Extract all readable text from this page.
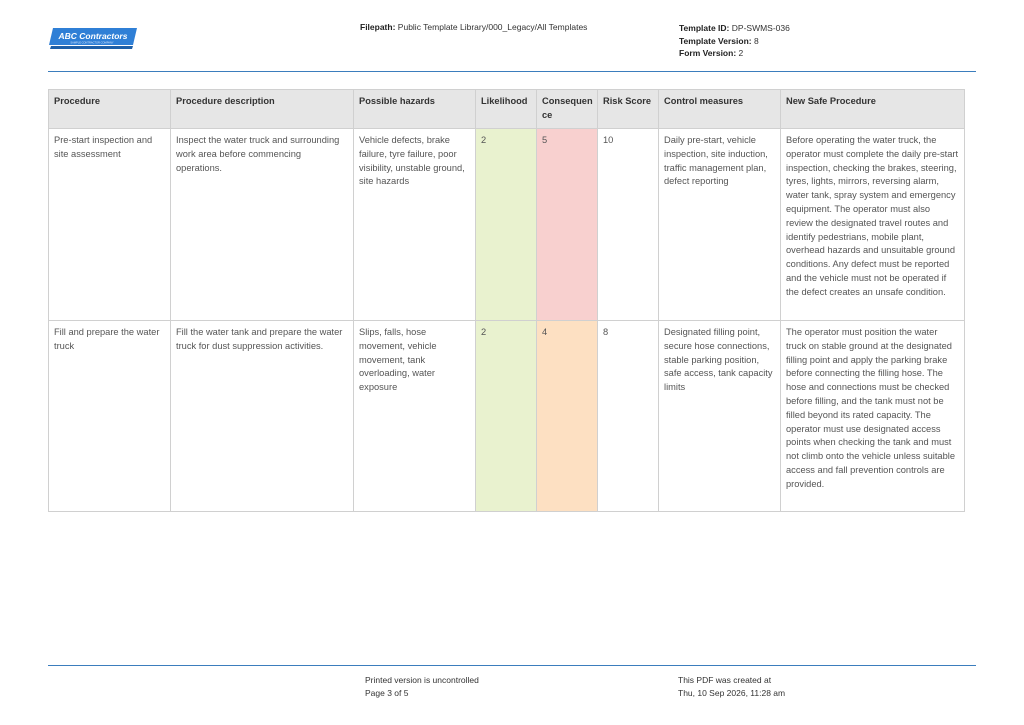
ABC Contractors
SAMPLE CONTRACTOR COMPANY
Filepath: Public Template Library/000_Legacy/All Templates	Template ID: DP-SWMS-036
Template Version: 8
Form Version: 2
Procedure	Procedure description	Possible hazards	Likelihood	Consequen ce	Risk Score	Control measures	New Safe Procedure
Pre-start inspection and site assessment	Inspect the water truck and surrounding work area before commencing operations.	Vehicle defects, brake failure, tyre failure, poor visibility, unstable ground, site hazards	2	5	10	Daily pre-start, vehicle inspection, site induction, traffic management plan, defect reporting	Before operating the water truck, the operator must complete the daily pre-start inspection, checking the brakes, steering, tyres, lights, mirrors, reversing alarm, water tank, spray system and emergency equipment. The operator must also review the designated travel routes and identify pedestrians, mobile plant, overhead hazards and unsuitable ground conditions. Any defect must be reported and the vehicle must not be operated if the defect creates an unsafe condition.
Fill and prepare the water truck	Fill the water tank and prepare the water truck for dust suppression activities.	Slips, falls, hose movement, vehicle movement, tank overloading, water exposure	2	4	8	Designated filling point, secure hose connections, stable parking position, safe access, tank capacity limits	The operator must position the water truck on stable ground at the designated filling point and apply the parking brake before connecting the filling hose. The hose and connections must be checked before filling, and the tank must not be filled beyond its rated capacity. The operator must use designated access points when checking the tank and must not climb onto the vehicle unless suitable access and fall prevention controls are provided.
Printed version is uncontrolled
Page 3 of 5
This PDF was created at
Thu, 10 Sep 2026, 11:28 am
